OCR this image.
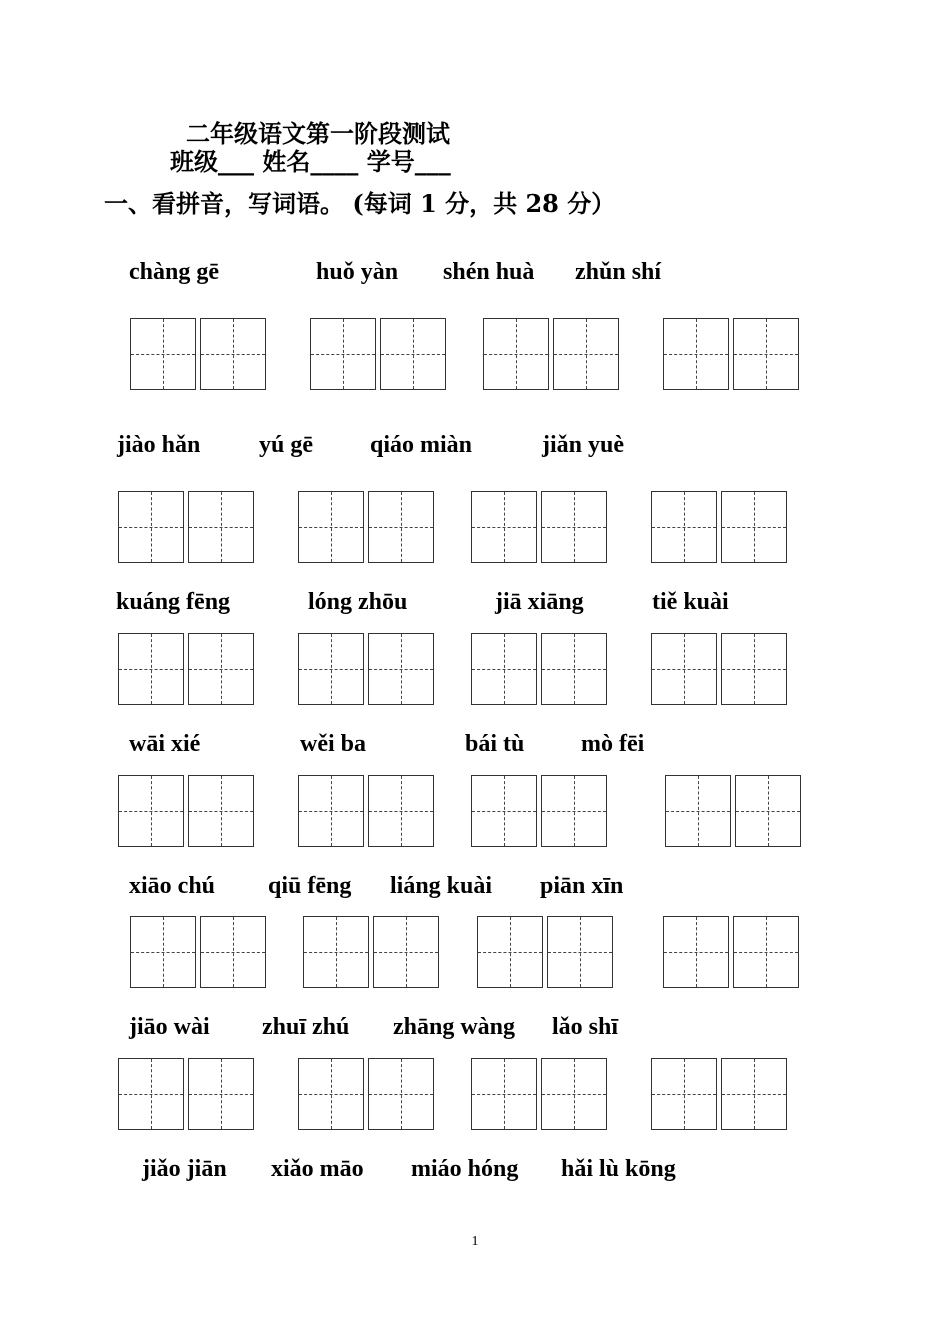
二年级语文第一阶段测试
班级___ 姓名____ 学号___
一、看拼音，写词语。 (每词 1 分，共 28 分）
chàng gē	huǒ yàn shén huà zhǔn shí
jiào hǎn yú gē qiáo miàn	jiǎn yuè
kuáng fēng	lóng zhōu	jiā xiāng	tiě kuài
wāi xié	wěi ba	bái tù mò fēi
xiāo chú qiū fēng liáng kuài piān xīn
jiāo wài zhuī zhú zhāng wàng lǎo shī
jiǎo jiān xiǎo māo miáo hóng hǎi lù kōng
1
